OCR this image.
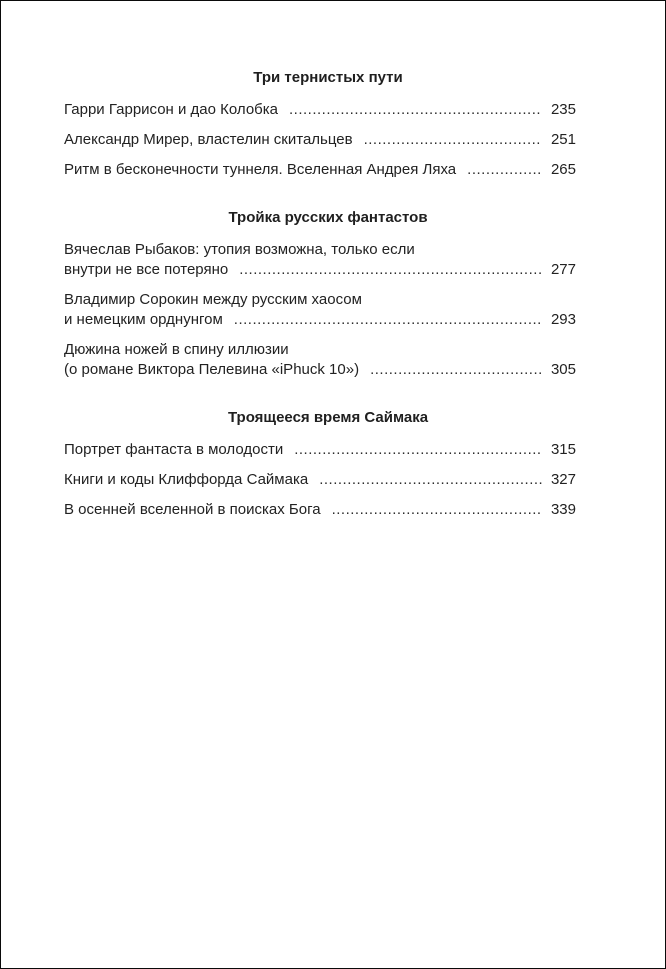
Три тернистых пути
Гарри Гаррисон и дао Колобка .....	235
Александр Мирер, властелин скитальцев .....	251
Ритм в бесконечности туннеля. Вселенная Андрея Ляха .....	265
Тройка русских фантастов
Вячеслав Рыбаков: утопия возможна, только если
внутри не все потеряно .....	277
Владимир Сорокин между русским хаосом
и немецким орднунгом .....	293
Дюжина ножей в спину иллюзии
(о романе Виктора Пелевина «iPhuck 10») .....	305
Троящееся время Саймака
Портрет фантаста в молодости .....	315
Книги и коды Клиффорда Саймака .....	327
В осенней вселенной в поисках Бога .....	339
